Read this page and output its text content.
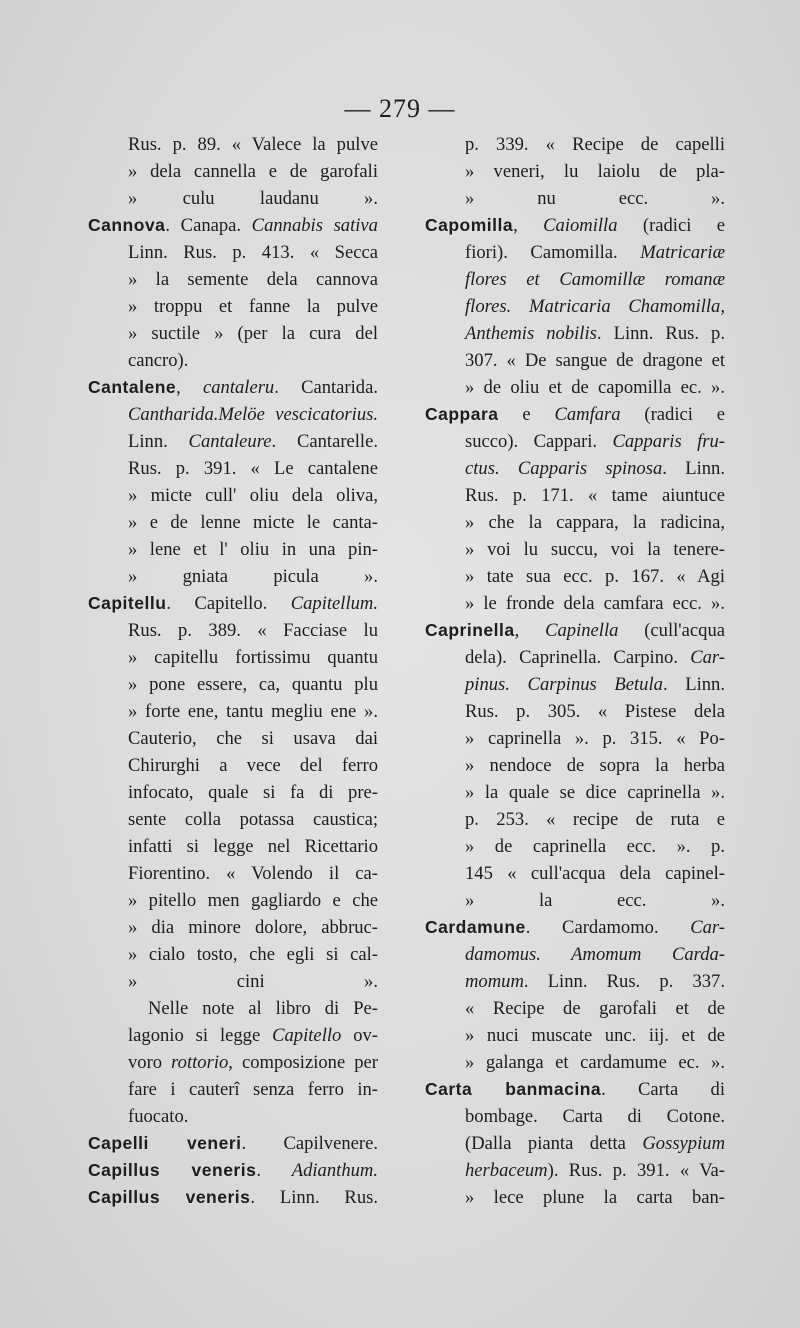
— 279 —
Rus. p. 89. « Valece la pulve
» dela cannella e de garofali
» culu laudanu ».
Cannova. Canapa. Cannabis sativa
Linn. Rus. p. 413. « Secca
» la semente dela cannova
» troppu et fanne la pulve
» suctile » (per la cura del
cancro).
Cantalene, cantaleru. Cantarida.
Cantharida.Melöe vescicatorius.
Linn. Cantaleure. Cantarelle.
Rus. p. 391. « Le cantalene
» micte cull' oliu dela oliva,
» e de lenne micte le canta-
» lene et l' oliu in una pin-
» gniata picula ».
Capitellu. Capitello. Capitellum.
Rus. p. 389. « Facciase lu
» capitellu fortissimu quantu
» pone essere, ca, quantu plu
» forte ene, tantu megliu ene ».
Cauterio, che si usava dai
Chirurghi a vece del ferro
infocato, quale si fa di pre-
sente colla potassa caustica;
infatti si legge nel Ricettario
Fiorentino. « Volendo il ca-
» pitello men gagliardo e che
» dia minore dolore, abbruc-
» cialo tosto, che egli si cal-
» cini ».
Nelle note al libro di Pe-
lagonio si legge Capitello ov-
voro rottorio, composizione per
fare i cauterî senza ferro in-
fuocato.
Capelli veneri. Capilvenere.
Capillus veneris. Adianthum.
Capillus veneris. Linn. Rus.
p. 339. « Recipe de capelli
» veneri, lu laiolu de pla-
» nu ecc. ».
Capomilla, Caiomilla (radici e
fiori). Camomilla. Matricariæ
flores et Camomillæ romanæ
flores. Matricaria Chamomilla,
Anthemis nobilis. Linn. Rus. p.
307. « De sangue de dragone et
» de oliu et de capomilla ec. ».
Cappara e Camfara (radici e
succo). Cappari. Capparis fru-
ctus. Capparis spinosa. Linn.
Rus. p. 171. « tame aiuntuce
» che la cappara, la radicina,
» voi lu succu, voi la tenere-
» tate sua ecc. p. 167. « Agi
» le fronde dela camfara ecc. ».
Caprinella, Capinella (cull'acqua
dela). Caprinella. Carpino. Car-
pinus. Carpinus Betula. Linn.
Rus. p. 305. « Pistese dela
» caprinella ». p. 315. « Po-
» nendoce de sopra la herba
» la quale se dice caprinella ».
p. 253. « recipe de ruta e
» de caprinella ecc. ». p.
145 « cull'acqua dela capinel-
» la ecc. ».
Cardamune. Cardamomo. Car-
damomus. Amomum Carda-
momum. Linn. Rus. p. 337.
« Recipe de garofali et de
» nuci muscate unc. iij. et de
» galanga et cardamume ec. ».
Carta banmacina. Carta di
bombage. Carta di Cotone.
(Dalla pianta detta Gossypium
herbaceum). Rus. p. 391. « Va-
» lece plune la carta ban-
